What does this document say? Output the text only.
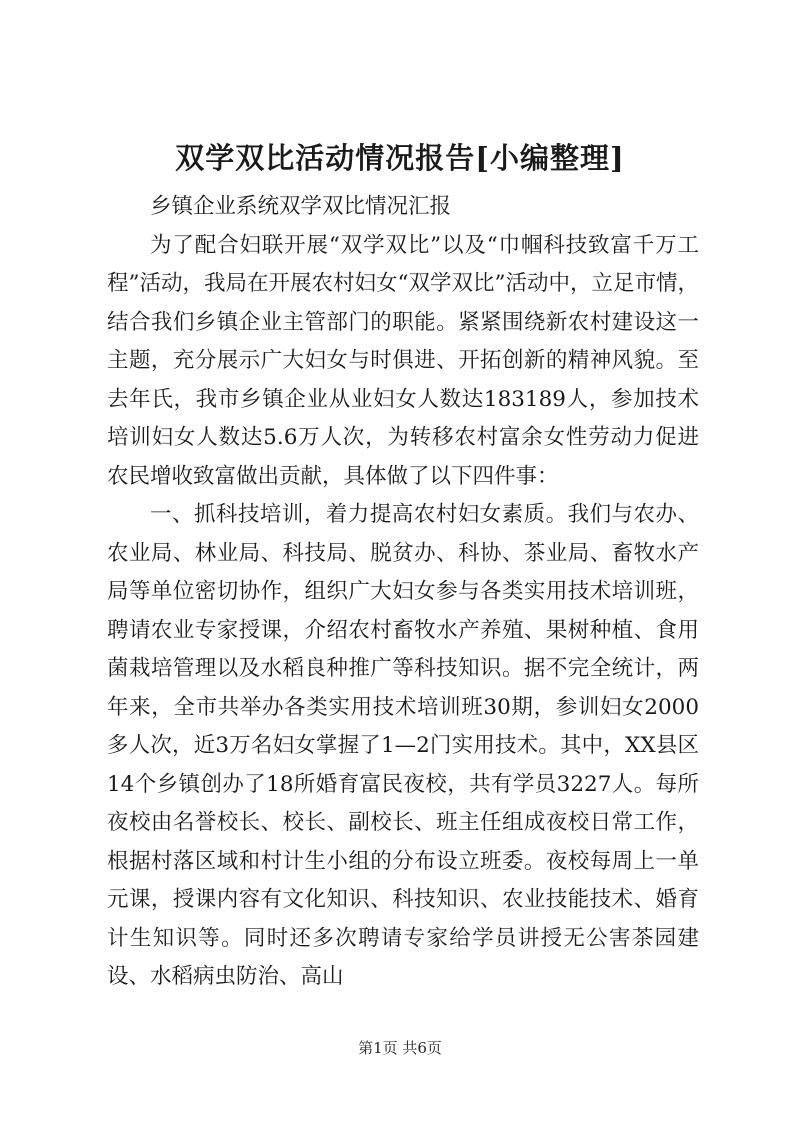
双学双比活动情况报告[小编整理]

乡镇企业系统双学双比情况汇报

为了配合妇联开展“双学双比”以及“巾帼科技致富千万工程”活动，我局在开展农村妇女“双学双比”活动中，立足市情，结合我们乡镇企业主管部门的职能。紧紧围绕新农村建设这一主题，充分展示广大妇女与时俱进、开拓创新的精神风貌。至去年氏，我市乡镇企业从业妇女人数达183189人，参加技术培训妇女人数达5.6万人次，为转移农村富余女性劳动力促进农民增收致富做出贡献，具体做了以下四件事：

一、抓科技培训，着力提高农村妇女素质。我们与农办、农业局、林业局、科技局、脱贫办、科协、茶业局、畜牧水产局等单位密切协作，组织广大妇女参与各类实用技术培训班，聘请农业专家授课，介绍农村畜牧水产养殖、果树种植、食用菌栽培管理以及水稻良种推广等科技知识。据不完全统计，两年来，全市共举办各类实用技术培训班30期，参训妇女2000多人次，近3万名妇女掌握了1—2门实用技术。其中，XX县区14个乡镇创办了18所婚育富民夜校，共有学员3227人。每所夜校由名誉校长、校长、副校长、班主任组成夜校日常工作，根据村落区域和村计生小组的分布设立班委。夜校每周上一单元课，授课内容有文化知识、科技知识、农业技能技术、婚育计生知识等。同时还多次聘请专家给学员讲授无公害茶园建设、水稻病虫防治、高山

第1页 共6页
